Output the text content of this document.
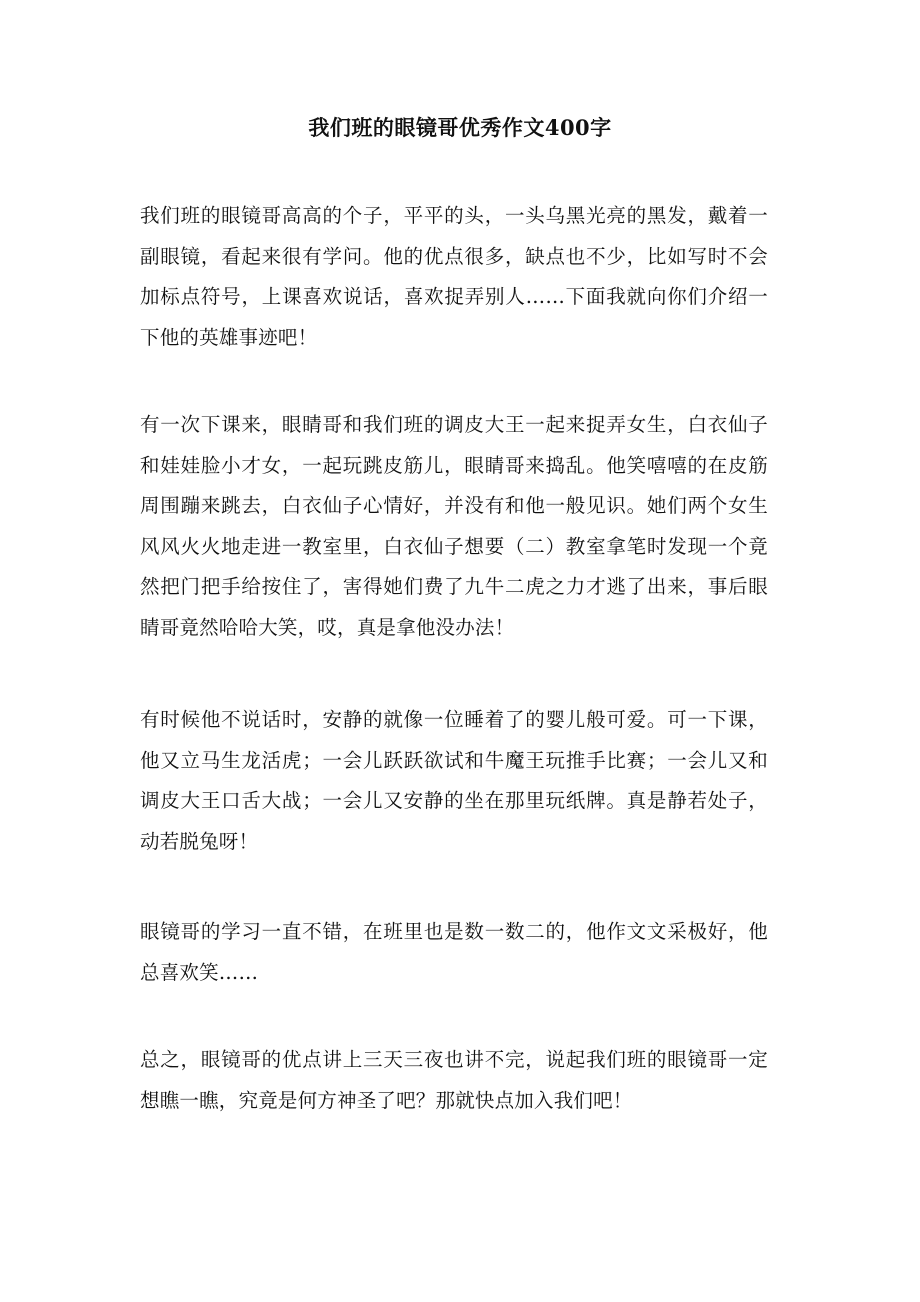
我们班的眼镜哥优秀作文400字
我们班的眼镜哥高高的个子，平平的头，一头乌黑光亮的黑发，戴着一副眼镜，看起来很有学问。他的优点很多，缺点也不少，比如写时不会加标点符号，上课喜欢说话，喜欢捉弄别人……下面我就向你们介绍一下他的英雄事迹吧！
有一次下课来，眼睛哥和我们班的调皮大王一起来捉弄女生，白衣仙子和娃娃脸小才女，一起玩跳皮筋儿，眼睛哥来捣乱。他笑嘻嘻的在皮筋周围蹦来跳去，白衣仙子心情好，并没有和他一般见识。她们两个女生风风火火地走进一教室里，白衣仙子想要（二）教室拿笔时发现一个竟然把门把手给按住了，害得她们费了九牛二虎之力才逃了出来，事后眼睛哥竟然哈哈大笑，哎，真是拿他没办法！
有时候他不说话时，安静的就像一位睡着了的婴儿般可爱。可一下课，他又立马生龙活虎；一会儿跃跃欲试和牛魔王玩推手比赛；一会儿又和调皮大王口舌大战；一会儿又安静的坐在那里玩纸牌。真是静若处子，动若脱兔呀！
眼镜哥的学习一直不错，在班里也是数一数二的，他作文文采极好，他总喜欢笑……
总之，眼镜哥的优点讲上三天三夜也讲不完，说起我们班的眼镜哥一定想瞧一瞧，究竟是何方神圣了吧？那就快点加入我们吧！
